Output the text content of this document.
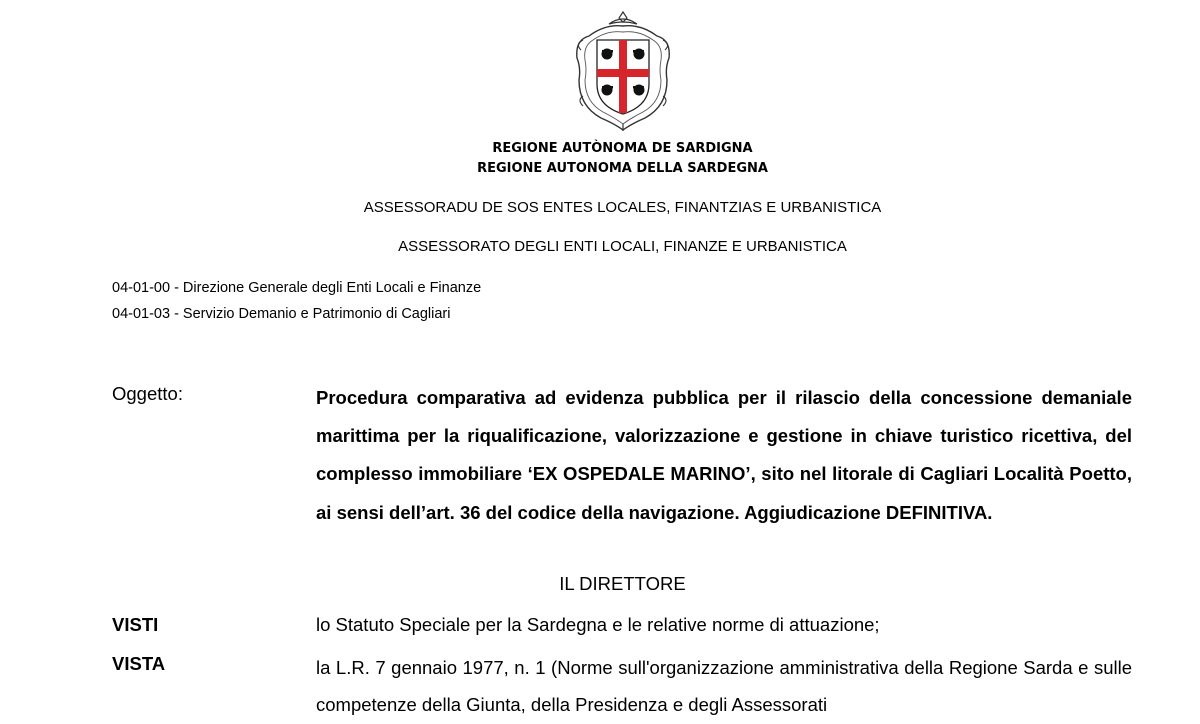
REGIONE AUTÒNOMA DE SARDIGNA
REGIONE AUTONOMA DELLA SARDEGNA
ASSESSORADU DE SOS ENTES LOCALES, FINANTZIAS E URBANISTICA
ASSESSORATO DEGLI ENTI LOCALI, FINANZE E URBANISTICA
04-01-00 - Direzione Generale degli Enti Locali e Finanze
04-01-03 - Servizio Demanio e Patrimonio di Cagliari
Oggetto:	Procedura comparativa ad evidenza pubblica per il rilascio della concessione demaniale marittima per la riqualificazione, valorizzazione e gestione in chiave turistico ricettiva, del complesso immobiliare ‘EX OSPEDALE MARINO’, sito nel litorale di Cagliari Località Poetto, ai sensi dell’art. 36 del codice della navigazione. Aggiudicazione DEFINITIVA.
IL DIRETTORE
VISTI	lo Statuto Speciale per la Sardegna e le relative norme di attuazione;
VISTA	la L.R. 7 gennaio 1977, n. 1 (Norme sull'organizzazione amministrativa della Regione Sarda e sulle competenze della Giunta, della Presidenza e degli Assessorati
